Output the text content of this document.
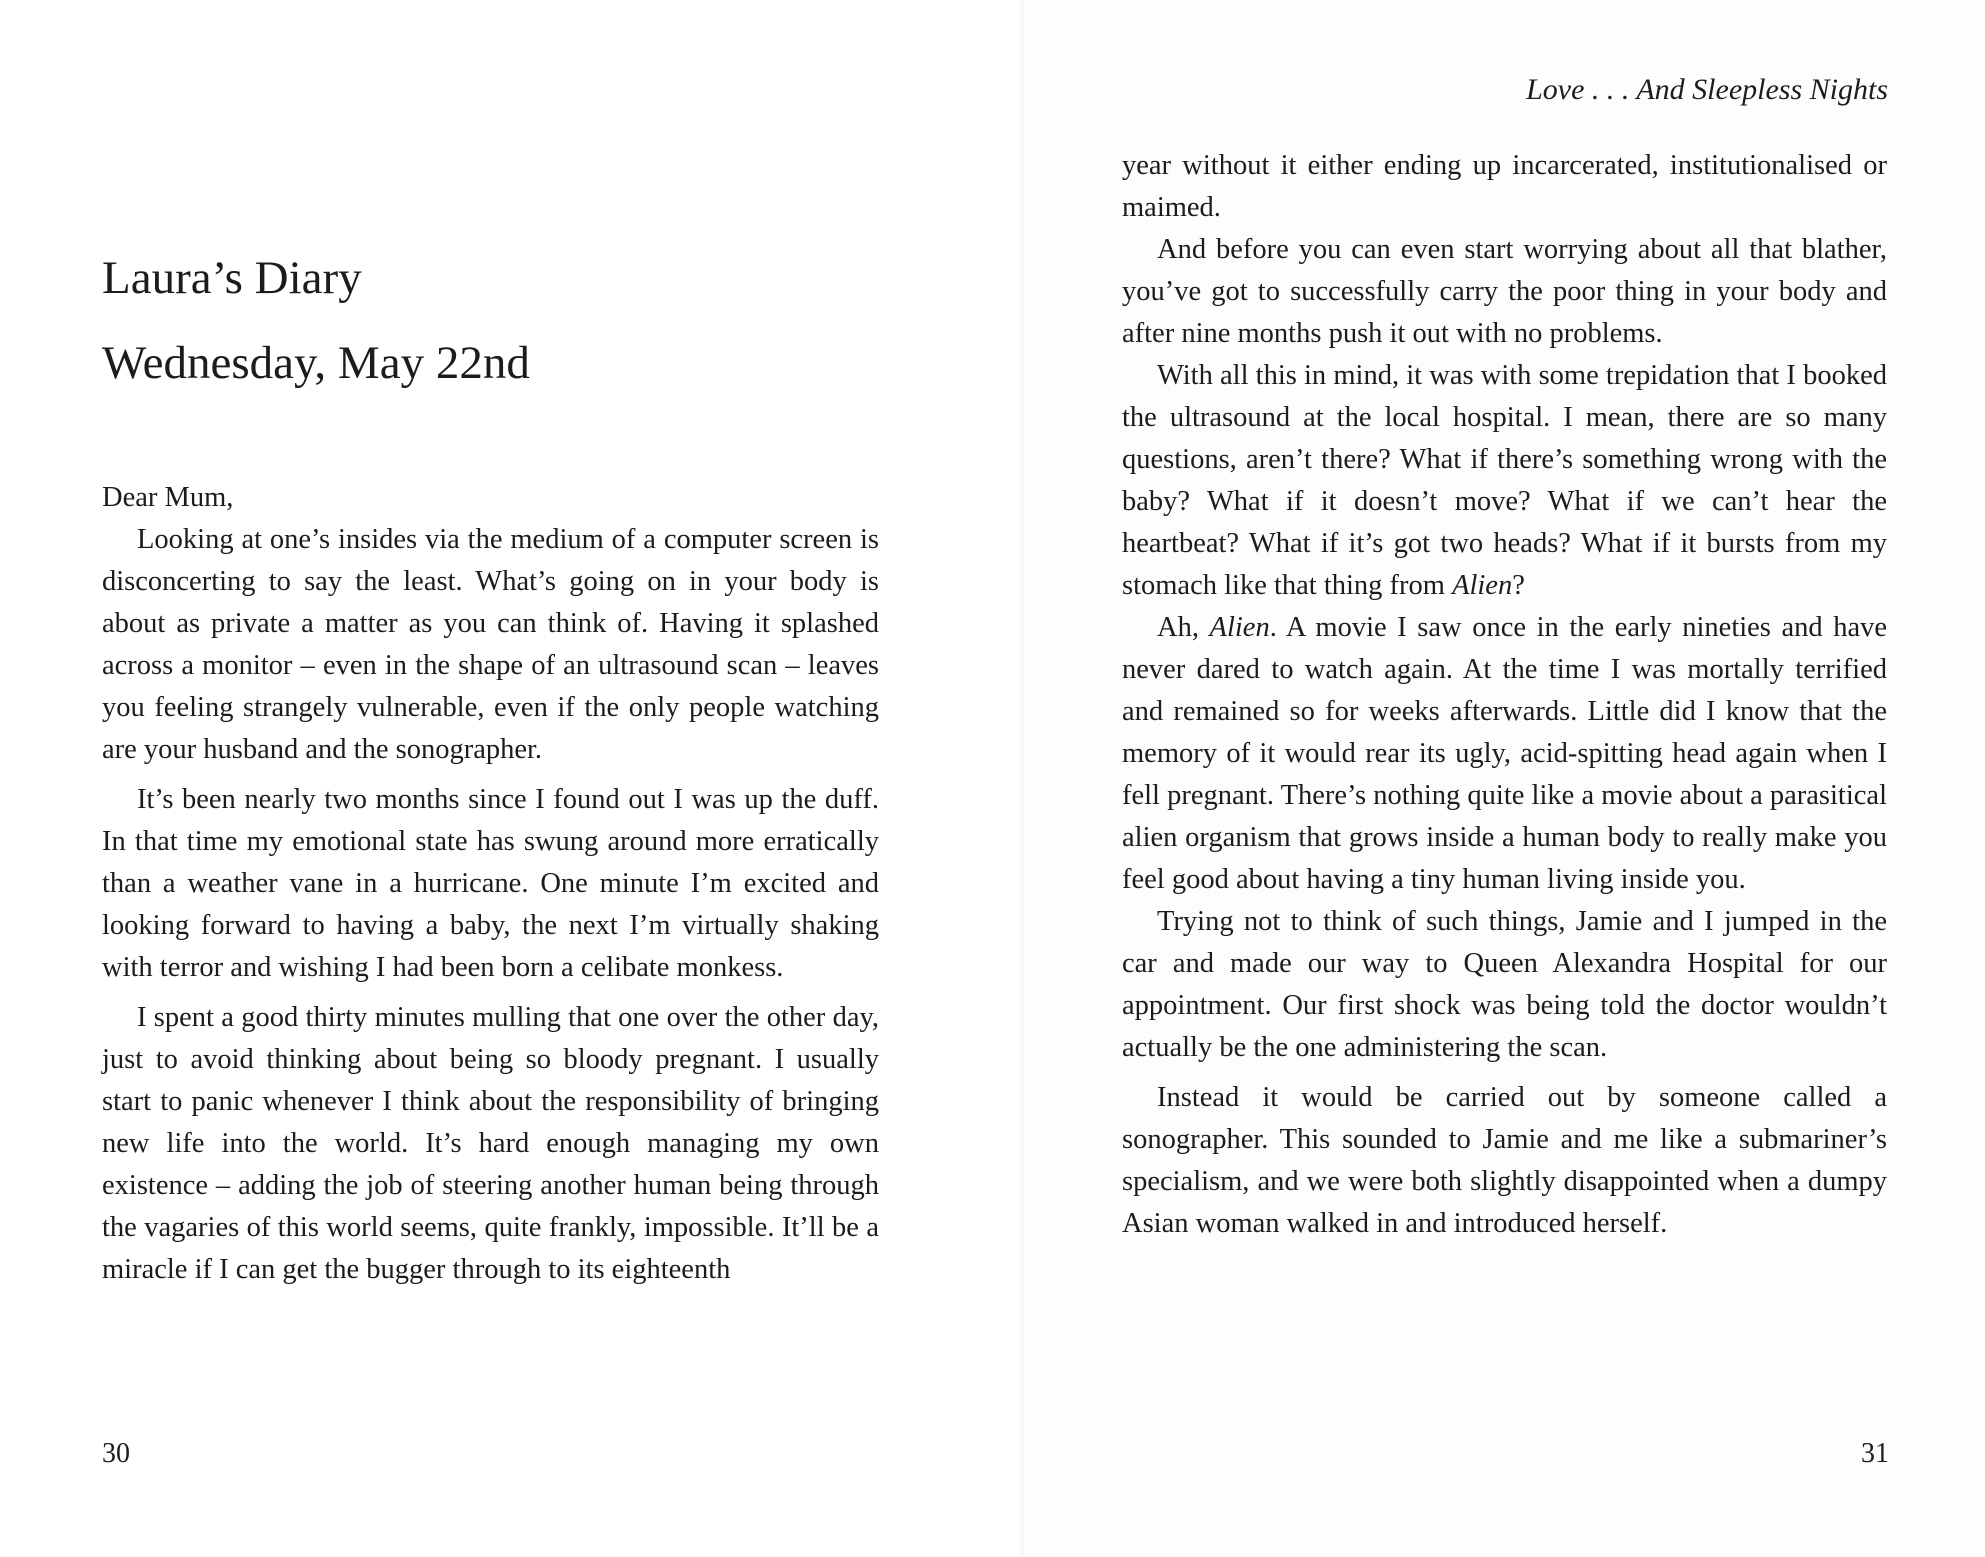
Laura’s Diary
Wednesday, May 22nd

Dear Mum,

Looking at one’s insides via the medium of a computer screen is disconcerting to say the least. What’s going on in your body is about as private a matter as you can think of. Having it splashed across a monitor – even in the shape of an ultrasound scan – leaves you feeling strangely vulnerable, even if the only people watching are your husband and the sonographer.

It’s been nearly two months since I found out I was up the duff. In that time my emotional state has swung around more erratically than a weather vane in a hurricane. One minute I’m excited and looking forward to having a baby, the next I’m virtually shaking with terror and wishing I had been born a celibate monkess.

I spent a good thirty minutes mulling that one over the other day, just to avoid thinking about being so bloody pregnant. I usually start to panic whenever I think about the responsibility of bringing new life into the world. It’s hard enough managing my own existence – adding the job of steering another human being through the vagaries of this world seems, quite frankly, impossible. It’ll be a miracle if I can get the bugger through to its eighteenth

30
Love . . . And Sleepless Nights

year without it either ending up incarcerated, institutionalised or maimed.

And before you can even start worrying about all that blather, you’ve got to successfully carry the poor thing in your body and after nine months push it out with no problems.

With all this in mind, it was with some trepidation that I booked the ultrasound at the local hospital. I mean, there are so many questions, aren’t there? What if there’s something wrong with the baby? What if it doesn’t move? What if we can’t hear the heartbeat? What if it’s got two heads? What if it bursts from my stomach like that thing from Alien?

Ah, Alien. A movie I saw once in the early nineties and have never dared to watch again. At the time I was mortally terrified and remained so for weeks afterwards. Little did I know that the memory of it would rear its ugly, acid-spitting head again when I fell pregnant. There’s nothing quite like a movie about a parasitical alien organism that grows inside a human body to really make you feel good about having a tiny human living inside you.

Trying not to think of such things, Jamie and I jumped in the car and made our way to Queen Alexandra Hospital for our appointment. Our first shock was being told the doctor wouldn’t actually be the one administering the scan.

Instead it would be carried out by someone called a sonographer. This sounded to Jamie and me like a submariner’s specialism, and we were both slightly disappointed when a dumpy Asian woman walked in and introduced herself.

31
